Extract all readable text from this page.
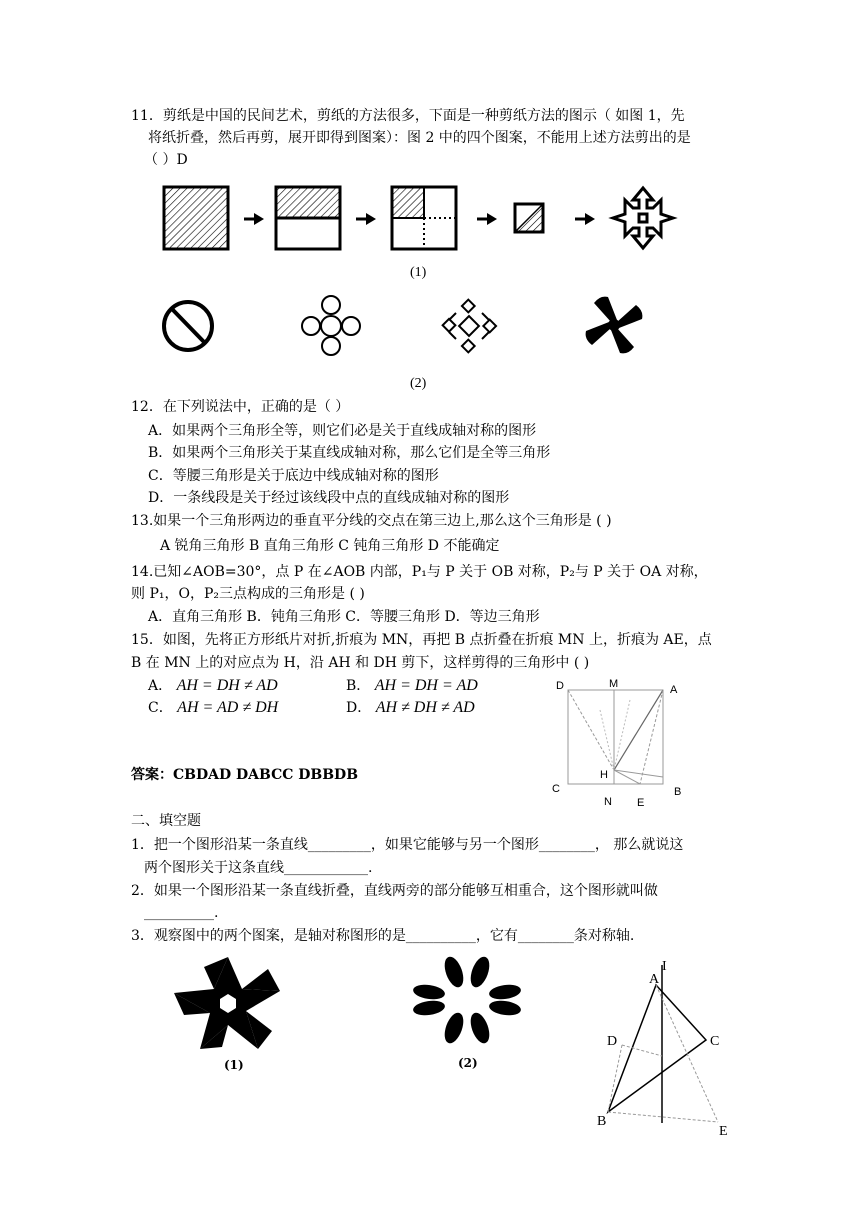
11．剪纸是中国的民间艺术，剪纸的方法很多，下面是一种剪纸方法的图示（ 如图 1，先
将纸折叠，然后再剪，展开即得到图案）：图 2 中的四个图案，不能用上述方法剪出的是
（ ）D
(1)
(2)
12．在下列说法中，正确的是（ ）
A．如果两个三角形全等，则它们必是关于直线成轴对称的图形
B．如果两个三角形关于某直线成轴对称，那么它们是全等三角形
C．等腰三角形是关于底边中线成轴对称的图形
D．一条线段是关于经过该线段中点的直线成轴对称的图形
13.如果一个三角形两边的垂直平分线的交点在第三边上,那么这个三角形是 ( )
A 锐角三角形 B 直角三角形 C 钝角三角形 D 不能确定
14.已知∠AOB=30°，点 P 在∠AOB 内部，P₁与 P 关于 OB 对称，P₂与 P 关于 OA 对称，
则 P₁，O，P₂三点构成的三角形是 ( )
A．直角三角形 B．钝角三角形 C．等腰三角形 D．等边三角形
15．如图，先将正方形纸片对折,折痕为 MN，再把 B 点折叠在折痕 MN 上，折痕为 AE，点
B 在 MN 上的对应点为 H，沿 AH 和 DH 剪下，这样剪得的三角形中 ( )
A． AH = DH ≠ AD	B． AH = DH = AD
C． AH = AD ≠ DH	D． AH ≠ DH ≠ AD
D	M	A
H
C	B
N E
答案：CBDAD DABCC DBBDB
二、填空题
1．把一个图形沿某一条直线_________，如果它能够与另一个图形________， 那么就说这
两个图形关于这条直线____________.
2．如果一个图形沿某一条直线折叠，直线两旁的部分能够互相重合，这个图形就叫做
__________.
3．观察图中的两个图案，是轴对称图形的是__________，它有________条对称轴.
(1)	(2)
A
I
D	C
B
E
